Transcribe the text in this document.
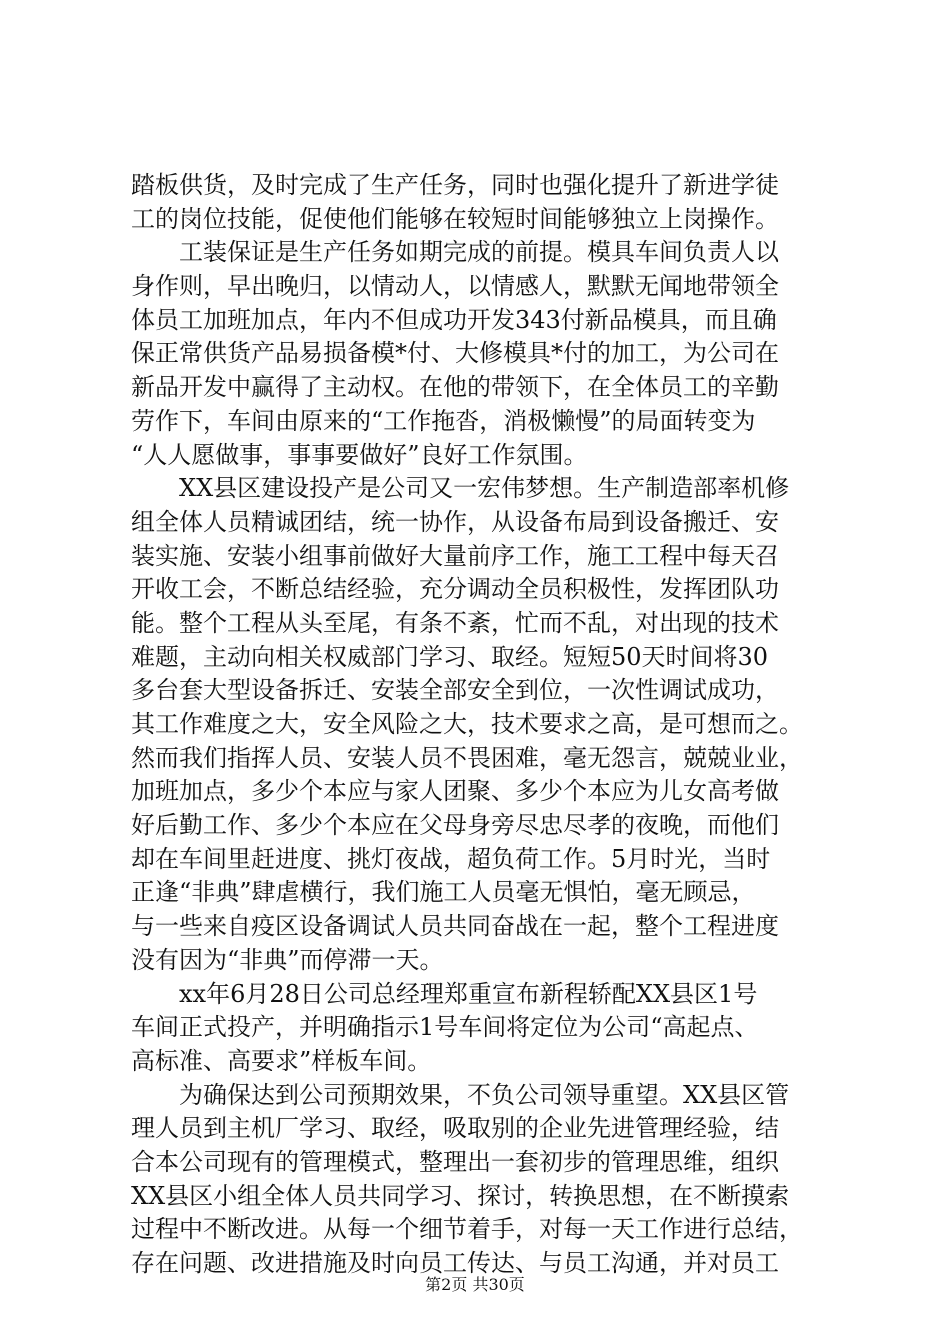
踏板供货，及时完成了生产任务，同时也强化提升了新进学徒
工的岗位技能，促使他们能够在较短时间能够独立上岗操作。
　　工装保证是生产任务如期完成的前提。模具车间负责人以
身作则，早出晚归，以情动人，以情感人，默默无闻地带领全
体员工加班加点，年内不但成功开发343付新品模具，而且确
保正常供货产品易损备模*付、大修模具*付的加工，为公司在
新品开发中赢得了主动权。在他的带领下，在全体员工的辛勤
劳作下，车间由原来的“工作拖沓，消极懒慢”的局面转变为
“人人愿做事，事事要做好”良好工作氛围。
　　XX县区建设投产是公司又一宏伟梦想。生产制造部率机修
组全体人员精诚团结，统一协作，从设备布局到设备搬迁、安
装实施、安装小组事前做好大量前序工作，施工工程中每天召
开收工会，不断总结经验，充分调动全员积极性，发挥团队功
能。整个工程从头至尾，有条不紊，忙而不乱，对出现的技术
难题，主动向相关权威部门学习、取经。短短50天时间将30
多台套大型设备拆迁、安装全部安全到位，一次性调试成功，
其工作难度之大，安全风险之大，技术要求之高，是可想而之。
然而我们指挥人员、安装人员不畏困难，毫无怨言，兢兢业业，
加班加点，多少个本应与家人团聚、多少个本应为儿女高考做
好后勤工作、多少个本应在父母身旁尽忠尽孝的夜晚，而他们
却在车间里赶进度、挑灯夜战，超负荷工作。5月时光，当时
正逢“非典”肆虐横行，我们施工人员毫无惧怕，毫无顾忌，
与一些来自疫区设备调试人员共同奋战在一起，整个工程进度
没有因为“非典”而停滞一天。
　　xx年6月28日公司总经理郑重宣布新程轿配XX县区1号
车间正式投产，并明确指示1号车间将定位为公司“高起点、
高标准、高要求”样板车间。
　　为确保达到公司预期效果，不负公司领导重望。XX县区管
理人员到主机厂学习、取经，吸取别的企业先进管理经验，结
合本公司现有的管理模式，整理出一套初步的管理思维，组织
XX县区小组全体人员共同学习、探讨，转换思想，在不断摸索
过程中不断改进。从每一个细节着手，对每一天工作进行总结，
存在问题、改进措施及时向员工传达、与员工沟通，并对员工
第2页 共30页
